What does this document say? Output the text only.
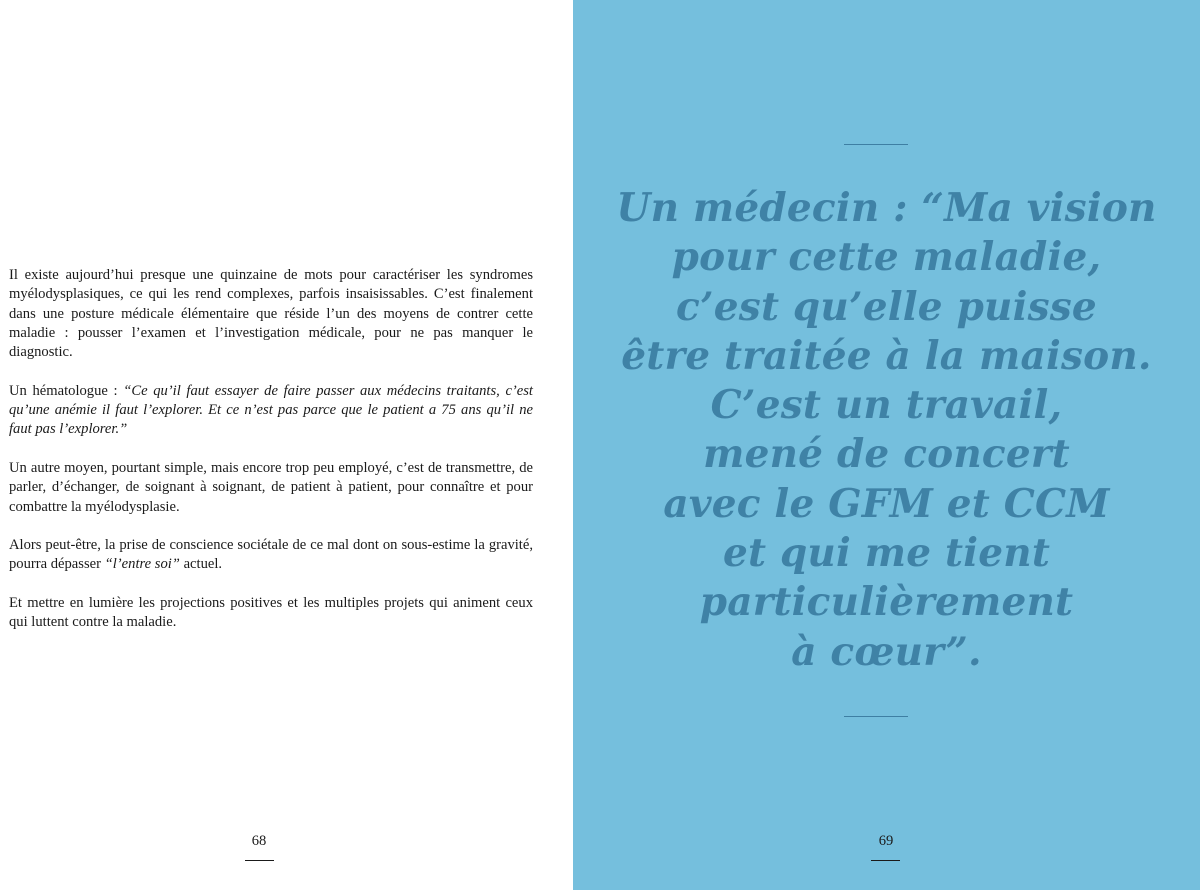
Il existe aujourd’hui presque une quinzaine de mots pour caractériser les syndromes myélodysplasiques, ce qui les rend complexes, parfois insaisissables. C’est finalement dans une posture médicale élémentaire que réside l’un des moyens de contrer cette maladie : pousser l’examen et l’investigation médicale, pour ne pas manquer le diagnostic.

Un hématologue : “Ce qu’il faut essayer de faire passer aux médecins traitants, c’est qu’une anémie il faut l’explorer. Et ce n’est pas parce que le patient a 75 ans qu’il ne faut pas l’explorer.”

Un autre moyen, pourtant simple, mais encore trop peu employé, c’est de transmettre, de parler, d’échanger, de soignant à soignant, de patient à patient, pour connaître et pour combattre la myélodysplasie.

Alors peut-être, la prise de conscience sociétale de ce mal dont on sous-estime la gravité, pourra dépasser “l’entre soi” actuel.

Et mettre en lumière les projections positives et les multiples projets qui animent ceux qui luttent contre la maladie.

68
Un médecin : “Ma vision
pour cette maladie,
c’est qu’elle puisse
être traitée à la maison.
C’est un travail,
mené de concert
avec le GFM et CCM
et qui me tient
particulièrement
à cœur”.
69
